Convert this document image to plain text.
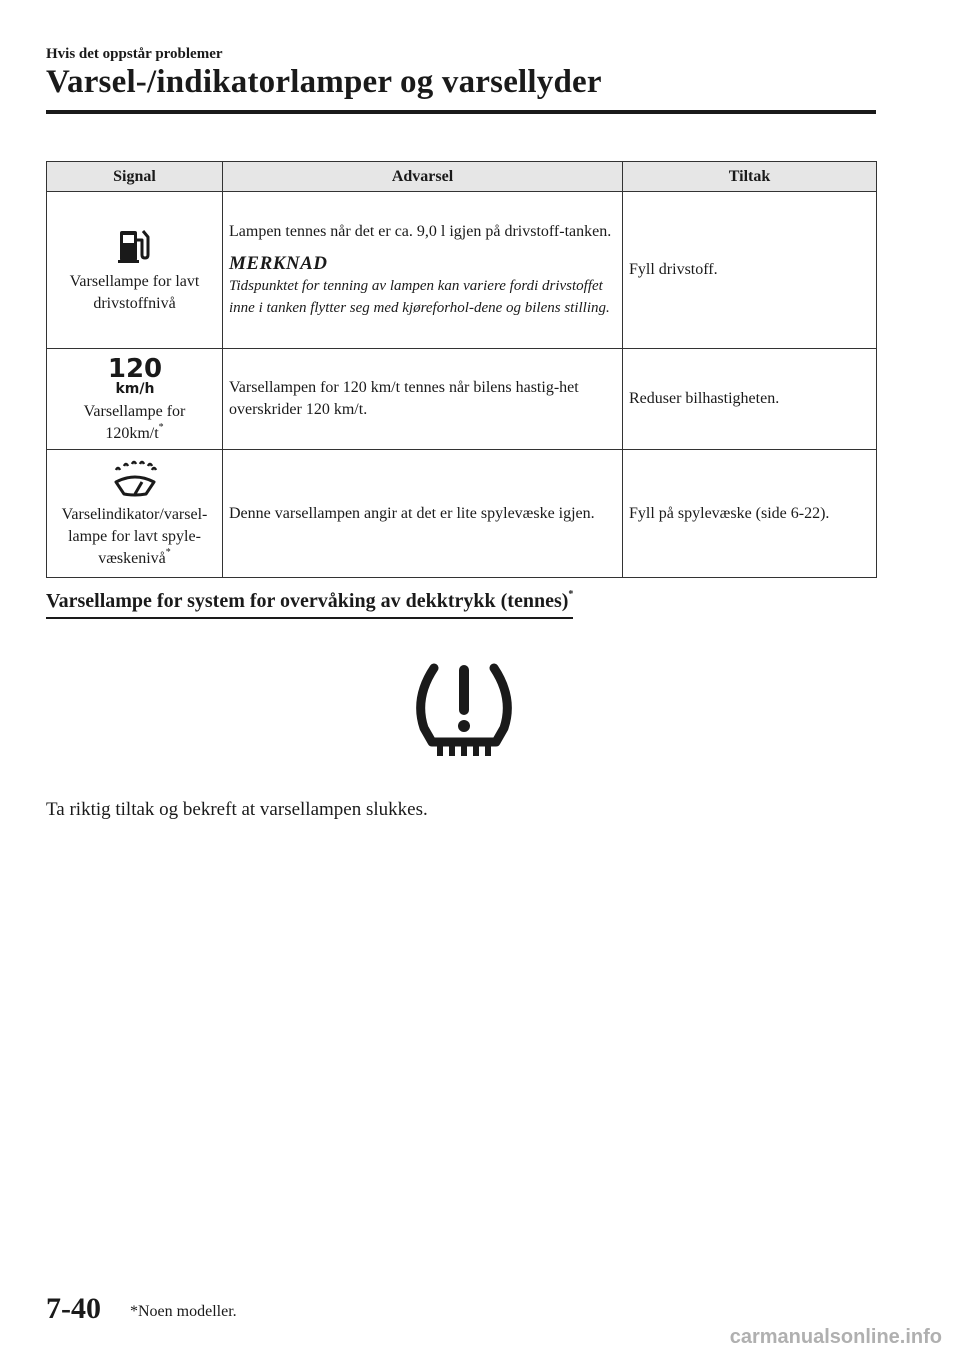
Hvis det oppstår problemer
Varsel-/indikatorlamper og varsellyder
Signal	Advarsel	Tiltak

Varsellampe for lavt drivstoffnivå	Lampen tennes når det er ca. 9,0 l igjen på drivstoff-tanken.
MERKNAD
Tidspunktet for tenning av lampen kan variere fordi drivstoffet inne i tanken flytter seg med kjøreforhol-dene og bilens stilling.	Fyll drivstoff.

120
km/h
Varsellampe for 120km/t*	Varsellampen for 120 km/t tennes når bilens hastig-het overskrider 120 km/t.	Reduser bilhastigheten.

Varselindikator/varsel-lampe for lavt spyle-væskenivå*	Denne varsellampen angir at det er lite spylevæske igjen.	Fyll på spylevæske (side 6-22).
Varsellampe for system for overvåking av dekktrykk (tennes)*
Ta riktig tiltak og bekreft at varsellampen slukkes.
7-40 *Noen modeller.
carmanualsonline.info
